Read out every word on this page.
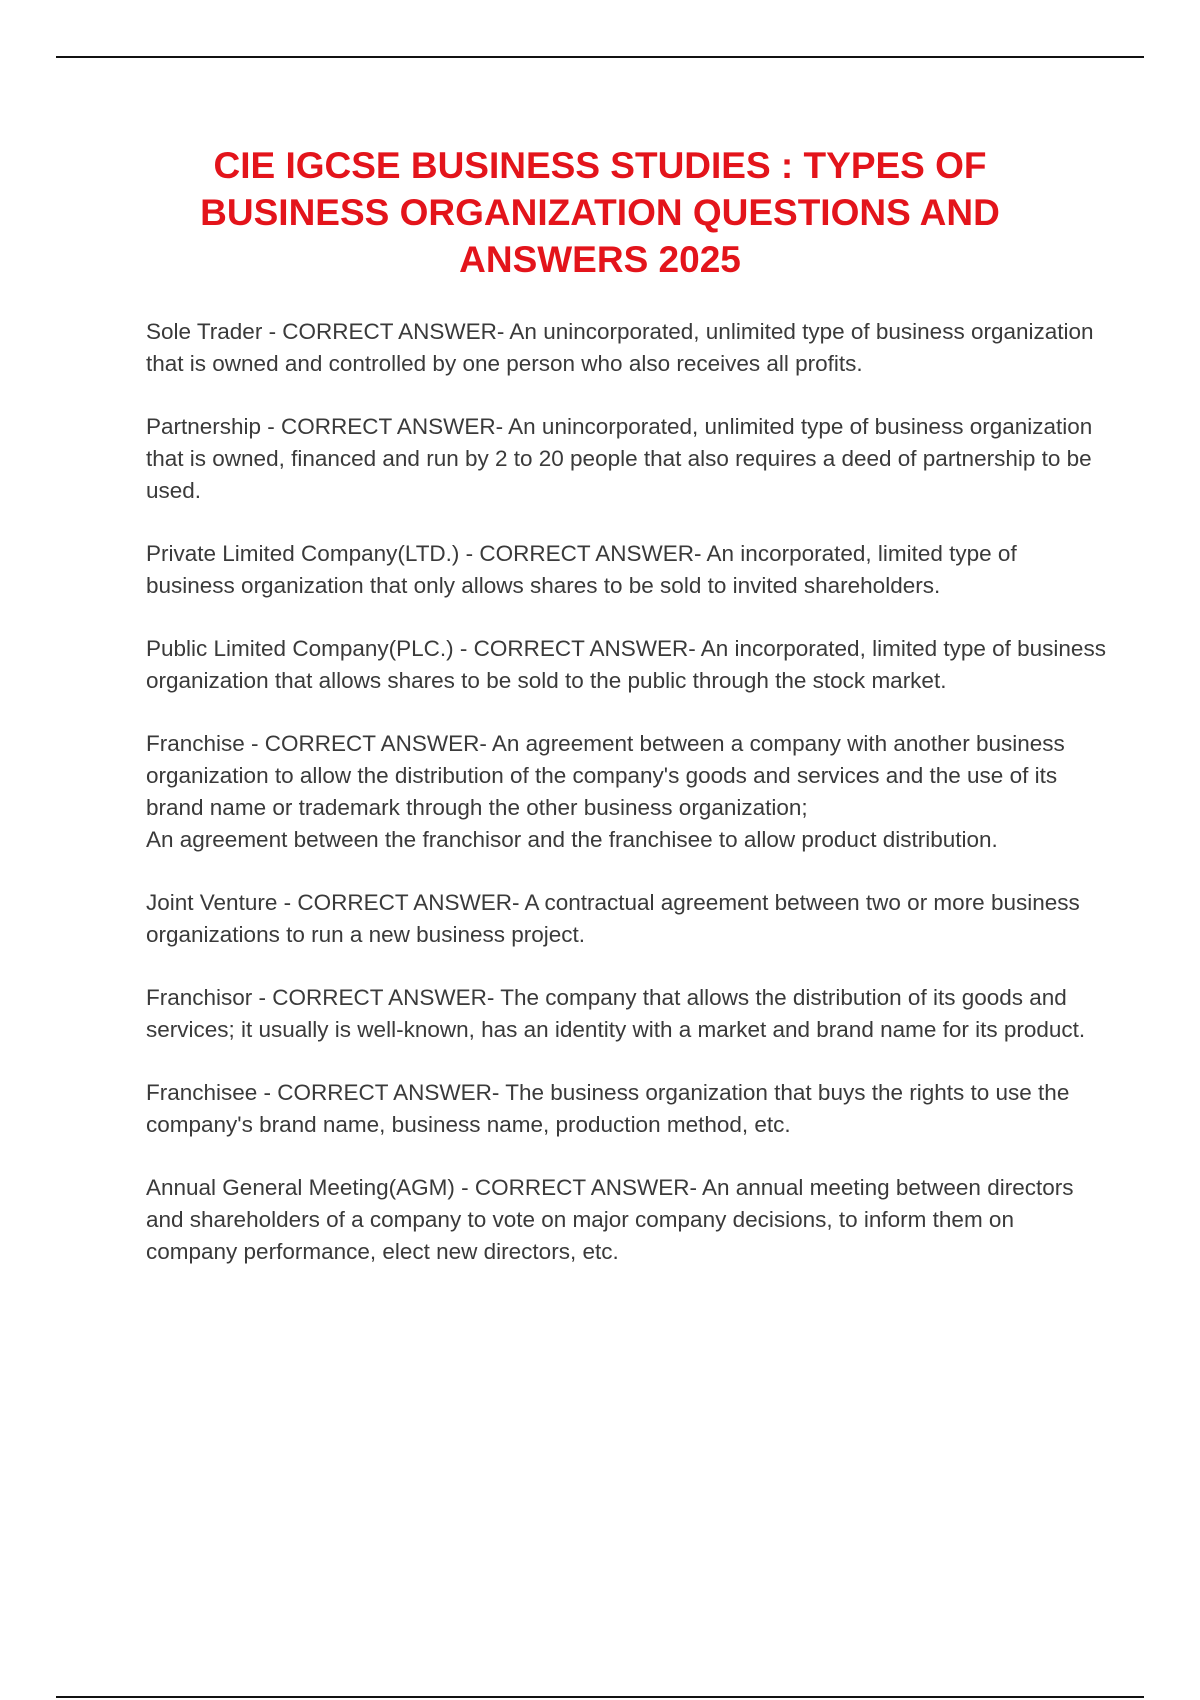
CIE IGCSE BUSINESS STUDIES : TYPES OF BUSINESS ORGANIZATION QUESTIONS AND ANSWERS 2025
Sole Trader - CORRECT ANSWER- An unincorporated, unlimited type of business organization that is owned and controlled by one person who also receives all profits.
Partnership - CORRECT ANSWER- An unincorporated, unlimited type of business organization that is owned, financed and run by 2 to 20 people that also requires a deed of partnership to be used.
Private Limited Company(LTD.) - CORRECT ANSWER- An incorporated, limited type of business organization that only allows shares to be sold to invited shareholders.
Public Limited Company(PLC.) - CORRECT ANSWER- An incorporated, limited type of business organization that allows shares to be sold to the public through the stock market.
Franchise - CORRECT ANSWER- An agreement between a company with another business organization to allow the distribution of the company's goods and services and the use of its brand name or trademark through the other business organization;
An agreement between the franchisor and the franchisee to allow product distribution.
Joint Venture - CORRECT ANSWER- A contractual agreement between two or more business organizations to run a new business project.
Franchisor - CORRECT ANSWER- The company that allows the distribution of its goods and services; it usually is well-known, has an identity with a market and brand name for its product.
Franchisee - CORRECT ANSWER- The business organization that buys the rights to use the company's brand name, business name, production method, etc.
Annual General Meeting(AGM) - CORRECT ANSWER- An annual meeting between directors and shareholders of a company to vote on major company decisions, to inform them on company performance, elect new directors, etc.
